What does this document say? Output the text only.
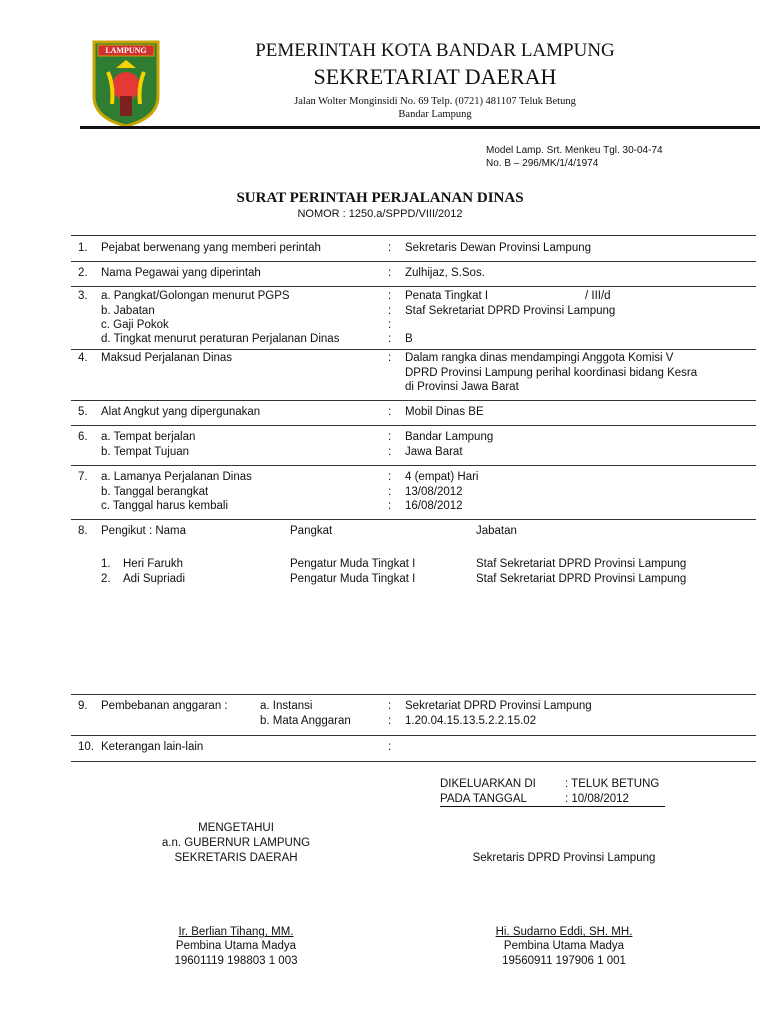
LAMPUNG	PEMERINTAH KOTA BANDAR LAMPUNG
SEKRETARIAT DAERAH
Jalan Wolter Monginsidi No. 69 Telp. (0721) 481107 Teluk Betung
Bandar Lampung
Model Lamp. Srt. Menkeu Tgl. 30-04-74
No. B – 296/MK/1/4/1974
SURAT PERINTAH PERJALANAN DINAS
NOMOR : 1250.a/SPPD/VIII/2012
1. Pejabat berwenang yang memberi perintah	: Sekretaris Dewan Provinsi Lampung
2. Nama Pegawai yang diperintah	: Zulhijaz, S.Sos.
3. a. Pangkat/Golongan menurut PGPS	: Penata Tingkat I	/ III/d
b. Jabatan	: Staf Sekretariat DPRD Provinsi Lampung
c. Gaji Pokok	:
d. Tingkat menurut peraturan Perjalanan Dinas	: B
4. Maksud Perjalanan Dinas	: Dalam rangka dinas mendampingi Anggota Komisi V
DPRD Provinsi Lampung perihal koordinasi bidang Kesra
di Provinsi Jawa Barat
5. Alat Angkut yang dipergunakan	: Mobil Dinas BE
6. a. Tempat berjalan	: Bandar Lampung
b. Tempat Tujuan	: Jawa Barat
7. a. Lamanya Perjalanan Dinas	: 4 (empat) Hari
b. Tanggal berangkat	: 13/08/2012
c. Tanggal harus kembali	: 16/08/2012
8. Pengikut : Nama	Pangkat	Jabatan
1. Heri Farukh	Pengatur Muda Tingkat I	Staf Sekretariat DPRD Provinsi Lampung
2. Adi Supriadi	Pengatur Muda Tingkat I	Staf Sekretariat DPRD Provinsi Lampung
9. Pembebanan anggaran :	a. Instansi	: Sekretariat DPRD Provinsi Lampung
b. Mata Anggaran	: 1.20.04.15.13.5.2.2.15.02
10. Keterangan lain-lain	:
DIKELUARKAN DI	: TELUK BETUNG
PADA TANGGAL	: 10/08/2012
MENGETAHUI
a.n. GUBERNUR LAMPUNG
SEKRETARIS DAERAH
Ir. Berlian Tihang, MM.
Pembina Utama Madya
19601119 198803 1 003
Sekretaris DPRD Provinsi Lampung
Hi. Sudarno Eddi, SH. MH.
Pembina Utama Madya
19560911 197906 1 001
